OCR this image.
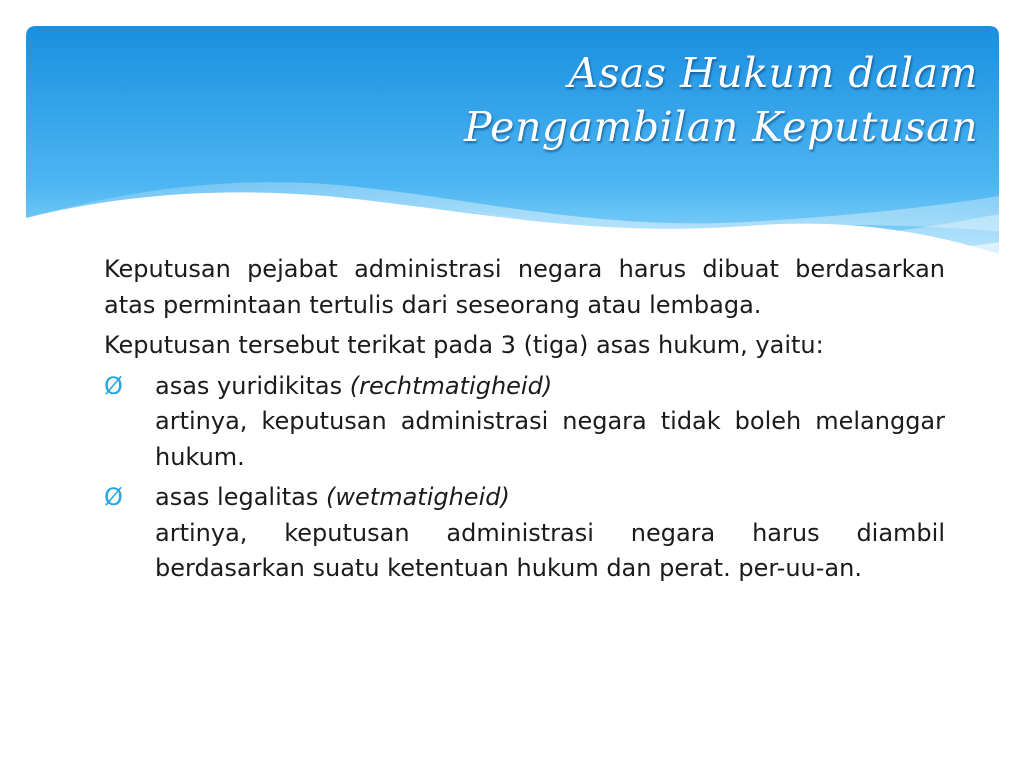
Asas Hukum dalam
Pengambilan Keputusan

Keputusan pejabat administrasi negara harus dibuat berdasarkan atas permintaan tertulis dari seseorang atau lembaga.

Keputusan tersebut terikat pada 3 (tiga) asas hukum, yaitu:

Ø asas yuridikitas (rechtmatigheid)
artinya, keputusan administrasi negara tidak boleh melanggar hukum.
Ø asas legalitas (wetmatigheid)
artinya, keputusan administrasi negara harus diambil berdasarkan suatu ketentuan hukum dan perat. per-uu-an.
